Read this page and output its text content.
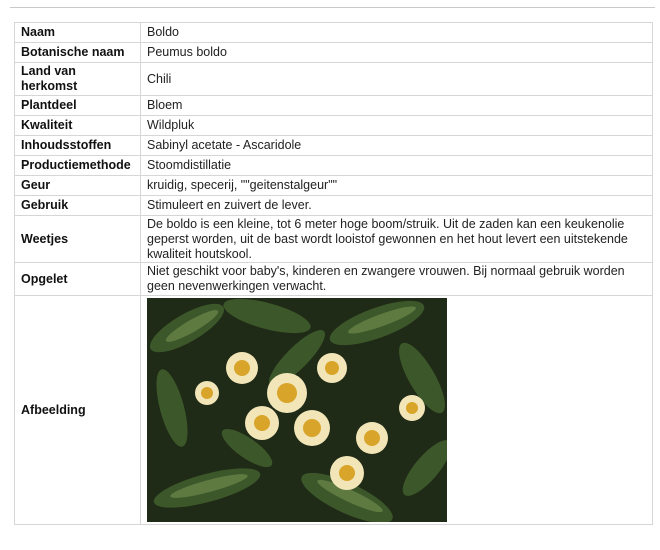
Naam	Boldo
Botanische naam	Peumus boldo
Land van herkomst	Chili
Plantdeel	Bloem
Kwaliteit	Wildpluk
Inhoudsstoffen	Sabinyl acetate - Ascaridole
Productiemethode	Stoomdistillatie
Geur	kruidig, specerij, ""geitenstalgeur""
Gebruik	Stimuleert en zuivert de lever.
Weetjes	De boldo is een kleine, tot 6 meter hoge boom/struik. Uit de zaden kan een keukenolie geperst worden, uit de bast wordt looistof gewonnen en het hout levert een uitstekende kwaliteit houtskool.
Opgelet	Niet geschikt voor baby's, kinderen en zwangere vrouwen. Bij normaal gebruik worden geen nevenwerkingen verwacht.
Afbeelding	
